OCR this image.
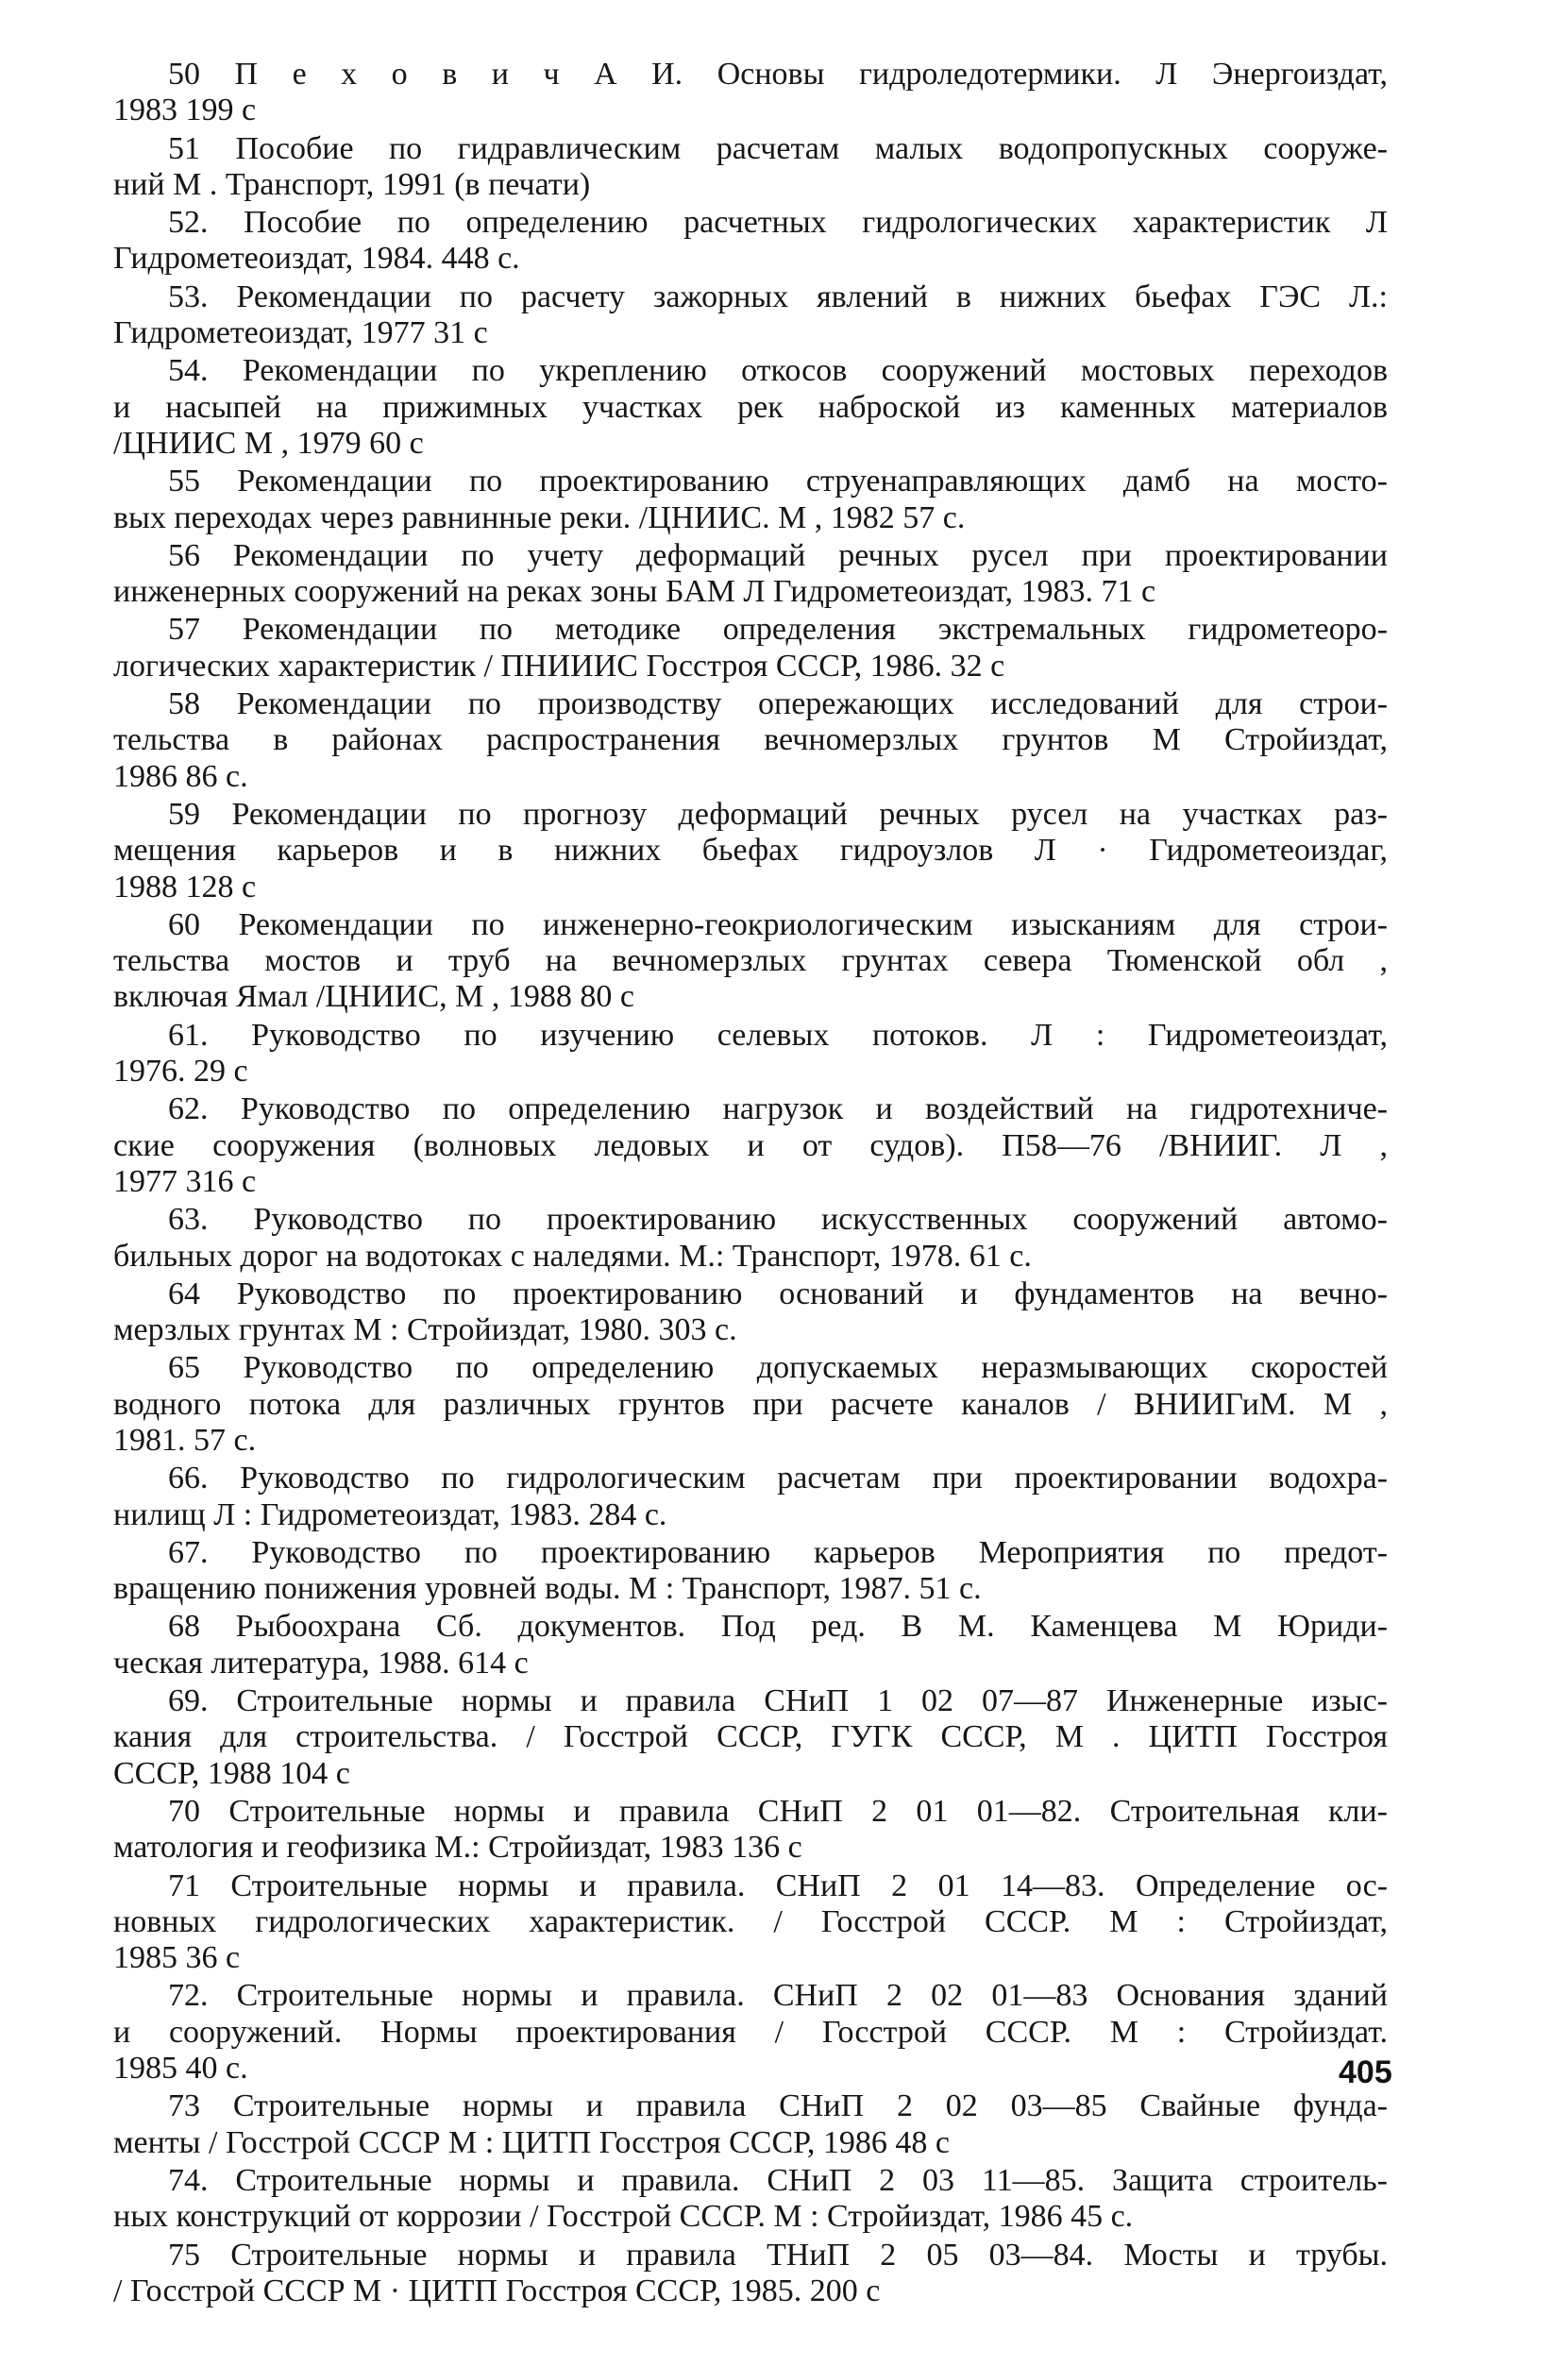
50 П е х о в и ч А И. Основы гидроледотермики. Л Энергоиздат,
1983 199 с
51 Пособие по гидравлическим расчетам малых водопропускных сооруже-
ний М . Транспорт, 1991 (в печати)
52. Пособие по определению расчетных гидрологических характеристик Л
Гидрометеоиздат, 1984. 448 с.
53. Рекомендации по расчету зажорных явлений в нижних бьефах ГЭС Л.:
Гидрометеоиздат, 1977 31 с
54. Рекомендации по укреплению откосов сооружений мостовых переходов
и насыпей на прижимных участках рек наброской из каменных материалов
/ЦНИИС М , 1979 60 с
55 Рекомендации по проектированию струенаправляющих дамб на мосто-
вых переходах через равнинные реки. /ЦНИИС. М , 1982 57 с.
56 Рекомендации по учету деформаций речных русел при проектировании
инженерных сооружений на реках зоны БАМ Л Гидрометеоиздат, 1983. 71 с
57 Рекомендации по методике определения экстремальных гидрометеоро-
логических характеристик / ПНИИИС Госстроя СССР, 1986. 32 с
58 Рекомендации по производству опережающих исследований для строи-
тельства в районах распространения вечномерзлых грунтов М Стройиздат,
1986 86 с.
59 Рекомендации по прогнозу деформаций речных русел на участках раз-
мещения карьеров и в нижних бьефах гидроузлов Л · Гидрометеоиздаг,
1988 128 с
60 Рекомендации по инженерно-геокриологическим изысканиям для строи-
тельства мостов и труб на вечномерзлых грунтах севера Тюменской обл ,
включая Ямал /ЦНИИС, М , 1988 80 с
61. Руководство по изучению селевых потоков. Л : Гидрометеоиздат,
1976. 29 с
62. Руководство по определению нагрузок и воздействий на гидротехниче-
ские сооружения (волновых ледовых и от судов). П58—76 /ВНИИГ. Л ,
1977 316 с
63. Руководство по проектированию искусственных сооружений автомо-
бильных дорог на водотоках с наледями. М.: Транспорт, 1978. 61 с.
64 Руководство по проектированию оснований и фундаментов на вечно-
мерзлых грунтах М : Стройиздат, 1980. 303 с.
65 Руководство по определению допускаемых неразмывающих скоростей
водного потока для различных грунтов при расчете каналов / ВНИИГиМ. М ,
1981. 57 с.
66. Руководство по гидрологическим расчетам при проектировании водохра-
нилищ Л : Гидрометеоиздат, 1983. 284 с.
67. Руководство по проектированию карьеров Мероприятия по предот-
вращению понижения уровней воды. М : Транспорт, 1987. 51 с.
68 Рыбоохрана Сб. документов. Под ред. В М. Каменцева М Юриди-
ческая литература, 1988. 614 с
69. Строительные нормы и правила СНиП 1 02 07—87 Инженерные изыс-
кания для строительства. / Госстрой СССР, ГУГК СССР, М . ЦИТП Госстроя
СССР, 1988 104 с
70 Строительные нормы и правила СНиП 2 01 01—82. Строительная кли-
матология и геофизика М.: Стройиздат, 1983 136 с
71 Строительные нормы и правила. СНиП 2 01 14—83. Определение ос-
новных гидрологических характеристик. / Госстрой СССР. М : Стройиздат,
1985 36 с
72. Строительные нормы и правила. СНиП 2 02 01—83 Основания зданий
и сооружений. Нормы проектирования / Госстрой СССР. М : Стройиздат.
1985 40 с.
73 Строительные нормы и правила СНиП 2 02 03—85 Свайные фунда-
менты / Госстрой СССР М : ЦИТП Госстроя СССР, 1986 48 с
74. Строительные нормы и правила. СНиП 2 03 11—85. Защита строитель-
ных конструкций от коррозии / Госстрой СССР. М : Стройиздат, 1986 45 с.
75 Строительные нормы и правила ТНиП 2 05 03—84. Мосты и трубы.
/ Госстрой СССР М · ЦИТП Госстроя СССР, 1985. 200 с
405
